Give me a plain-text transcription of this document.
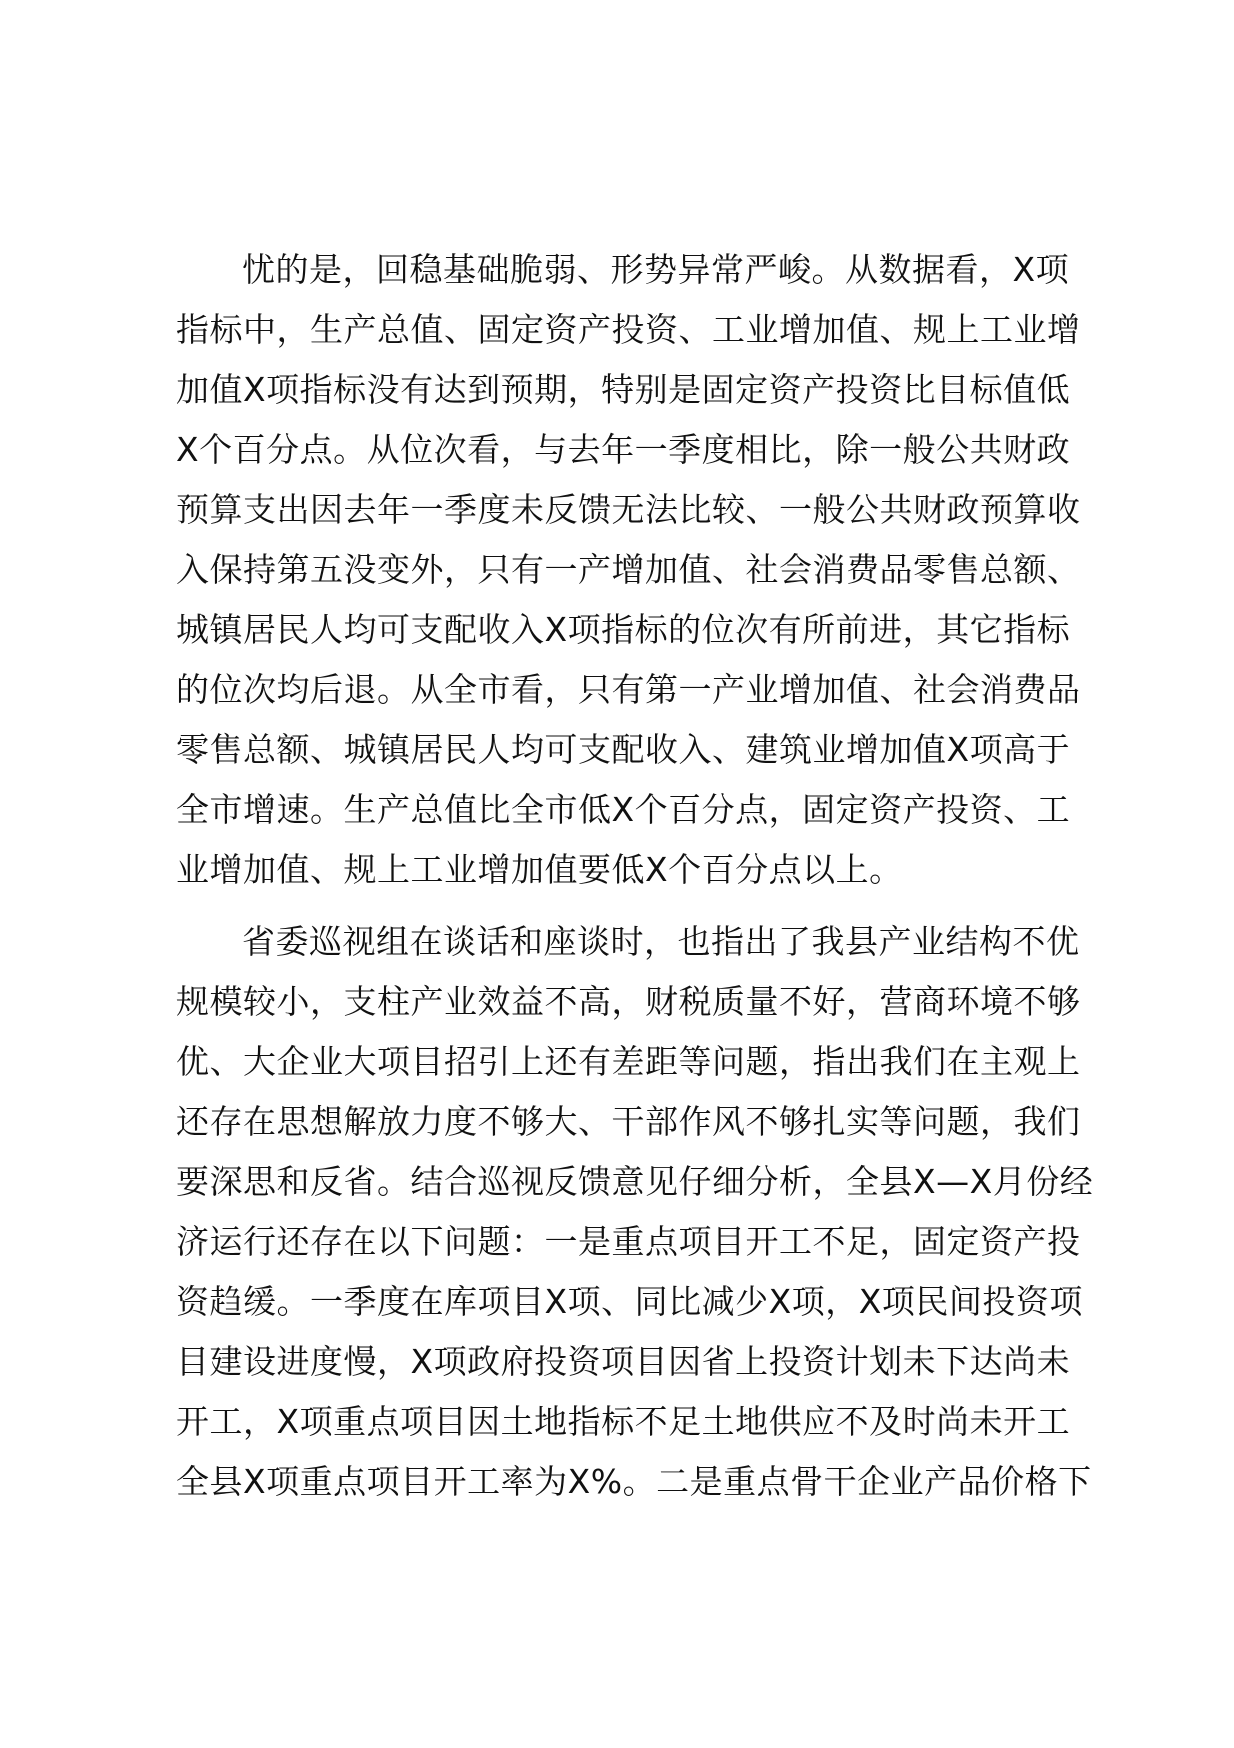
忧的是，回稳基础脆弱、形势异常严峻。从数据看，X项
指标中，生产总值、固定资产投资、工业增加值、规上工业增
加值X项指标没有达到预期，特别是固定资产投资比目标值低
X个百分点。从位次看，与去年一季度相比，除一般公共财政
预算支出因去年一季度未反馈无法比较、一般公共财政预算收
入保持第五没变外，只有一产增加值、社会消费品零售总额、
城镇居民人均可支配收入X项指标的位次有所前进，其它指标
的位次均后退。从全市看，只有第一产业增加值、社会消费品
零售总额、城镇居民人均可支配收入、建筑业增加值X项高于
全市增速。生产总值比全市低X个百分点，固定资产投资、工
业增加值、规上工业增加值要低X个百分点以上。

省委巡视组在谈话和座谈时，也指出了我县产业结构不优
规模较小，支柱产业效益不高，财税质量不好，营商环境不够
优、大企业大项目招引上还有差距等问题，指出我们在主观上
还存在思想解放力度不够大、干部作风不够扎实等问题，我们
要深思和反省。结合巡视反馈意见仔细分析，全县X—X月份经
济运行还存在以下问题：一是重点项目开工不足，固定资产投
资趋缓。一季度在库项目X项、同比减少X项，X项民间投资项
目建设进度慢，X项政府投资项目因省上投资计划未下达尚未
开工，X项重点项目因土地指标不足土地供应不及时尚未开工
全县X项重点项目开工率为X%。二是重点骨干企业产品价格下
